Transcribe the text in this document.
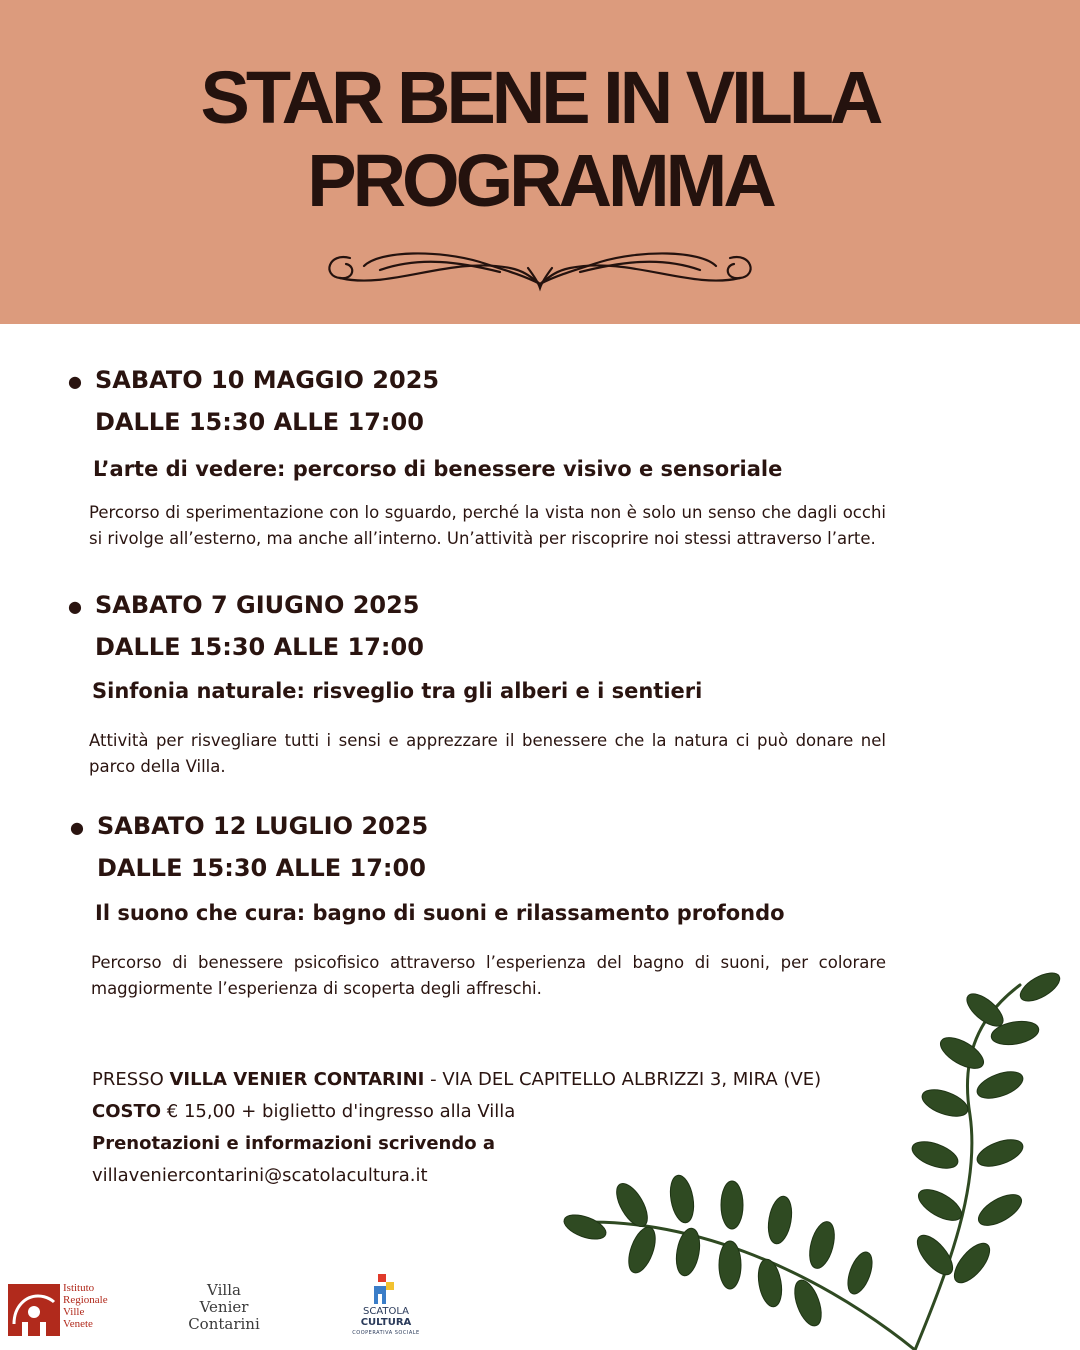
STAR BENE IN VILLA
PROGRAMMA
● SABATO 10 MAGGIO 2025
DALLE 15:30 ALLE 17:00
L’arte di vedere: percorso di benessere visivo e sensoriale
Percorso di sperimentazione con lo sguardo, perché la vista non è solo un senso che dagli occhi si rivolge all’esterno, ma anche all’interno. Un’attività per riscoprire noi stessi attraverso l’arte.
● SABATO 7 GIUGNO 2025
DALLE 15:30 ALLE 17:00
Sinfonia naturale: risveglio tra gli alberi e i sentieri
Attività per risvegliare tutti i sensi e apprezzare il benessere che la natura ci può donare nel parco della Villa.
● SABATO 12 LUGLIO 2025
DALLE 15:30 ALLE 17:00
Il suono che cura: bagno di suoni e rilassamento profondo
Percorso di benessere psicofisico attraverso l’esperienza del bagno di suoni, per colorare maggiormente l’esperienza di scoperta degli affreschi.
PRESSO VILLA VENIER CONTARINI - VIA DEL CAPITELLO ALBRIZZI 3, MIRA (VE)
COSTO € 15,00 + biglietto d'ingresso alla Villa
Prenotazioni e informazioni scrivendo a
villaveniercontarini@scatolacultura.it
Istituto
Regionale
Ville
Venete
Villa
Venier
Contarini
SCATOLA
CULTURA
COOPERATIVA SOCIALE
